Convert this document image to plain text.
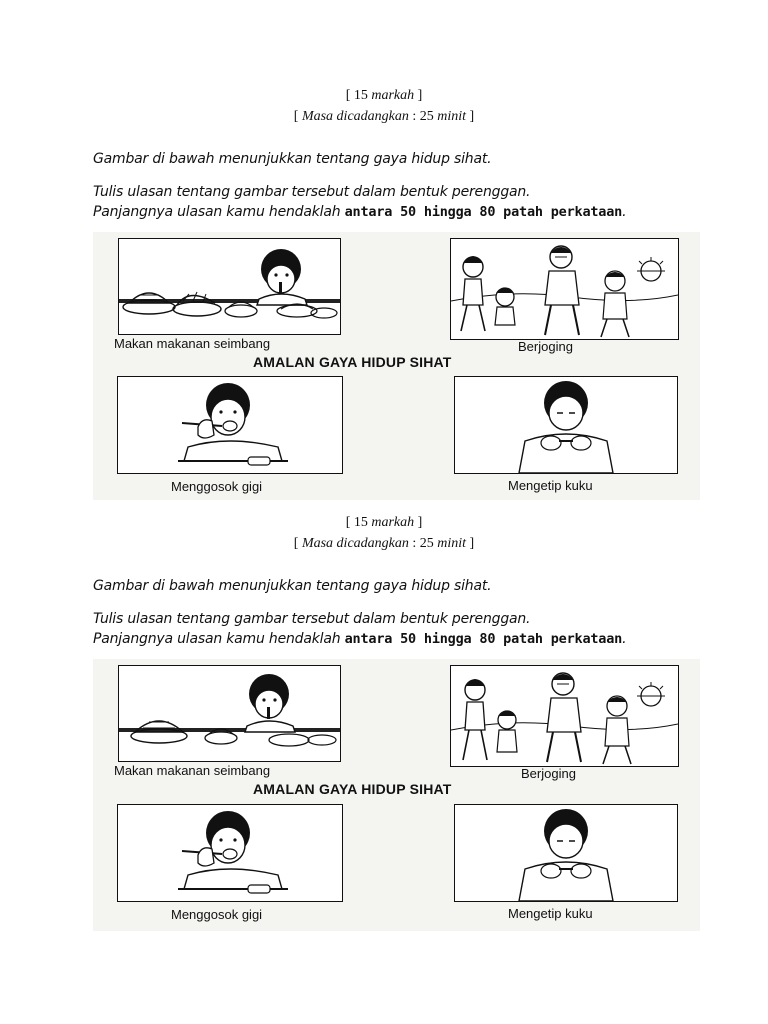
[ 15 markah ]
[ Masa dicadangkan : 25 minit ]
Gambar di bawah menunjukkan tentang gaya hidup sihat.
Tulis ulasan tentang gambar tersebut dalam bentuk perenggan.
Panjangnya ulasan kamu hendaklah antara 50 hingga 80 patah perkataan.
Makan makanan seimbang	Berjoging
AMALAN GAYA HIDUP SIHAT
Menggosok gigi	Mengetip kuku
[ 15 markah ]
[ Masa dicadangkan : 25 minit ]
Gambar di bawah menunjukkan tentang gaya hidup sihat.
Tulis ulasan tentang gambar tersebut dalam bentuk perenggan.
Panjangnya ulasan kamu hendaklah antara 50 hingga 80 patah perkataan.
Makan makanan seimbang	Berjoging
AMALAN GAYA HIDUP SIHAT
Menggosok gigi	Mengetip kuku
